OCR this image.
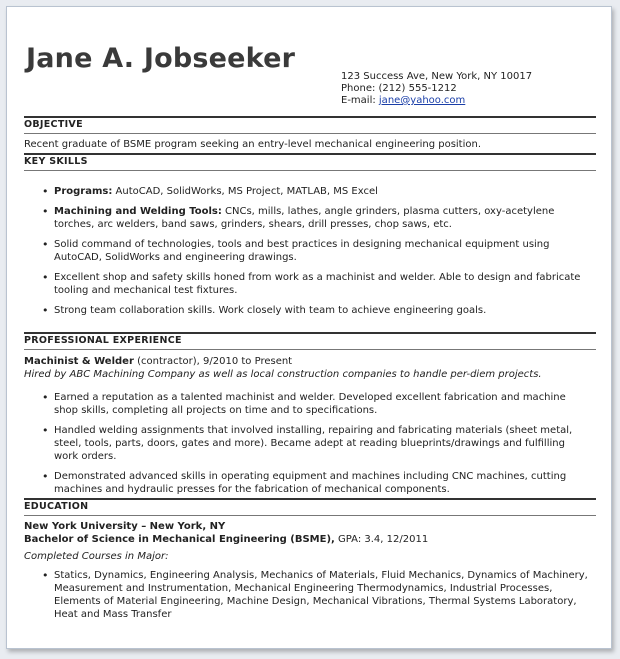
Jane A. Jobseeker
123 Success Ave, New York, NY 10017
Phone: (212) 555-1212
E-mail: jane@yahoo.com
OBJECTIVE
Recent graduate of BSME program seeking an entry-level mechanical engineering position.
KEY SKILLS
• Programs: AutoCAD, SolidWorks, MS Project, MATLAB, MS Excel
• Machining and Welding Tools: CNCs, mills, lathes, angle grinders, plasma cutters, oxy-acetylene torches, arc welders, band saws, grinders, shears, drill presses, chop saws, etc.
• Solid command of technologies, tools and best practices in designing mechanical equipment using AutoCAD, SolidWorks and engineering drawings.
• Excellent shop and safety skills honed from work as a machinist and welder. Able to design and fabricate tooling and mechanical test fixtures.
• Strong team collaboration skills. Work closely with team to achieve engineering goals.
PROFESSIONAL EXPERIENCE
Machinist & Welder (contractor), 9/2010 to Present
Hired by ABC Machining Company as well as local construction companies to handle per-diem projects.
• Earned a reputation as a talented machinist and welder. Developed excellent fabrication and machine shop skills, completing all projects on time and to specifications.
• Handled welding assignments that involved installing, repairing and fabricating materials (sheet metal, steel, tools, parts, doors, gates and more). Became adept at reading blueprints/drawings and fulfilling work orders.
• Demonstrated advanced skills in operating equipment and machines including CNC machines, cutting machines and hydraulic presses for the fabrication of mechanical components.
EDUCATION
New York University – New York, NY
Bachelor of Science in Mechanical Engineering (BSME), GPA: 3.4, 12/2011
Completed Courses in Major:
• Statics, Dynamics, Engineering Analysis, Mechanics of Materials, Fluid Mechanics, Dynamics of Machinery, Measurement and Instrumentation, Mechanical Engineering Thermodynamics, Industrial Processes, Elements of Material Engineering, Machine Design, Mechanical Vibrations, Thermal Systems Laboratory, Heat and Mass Transfer
